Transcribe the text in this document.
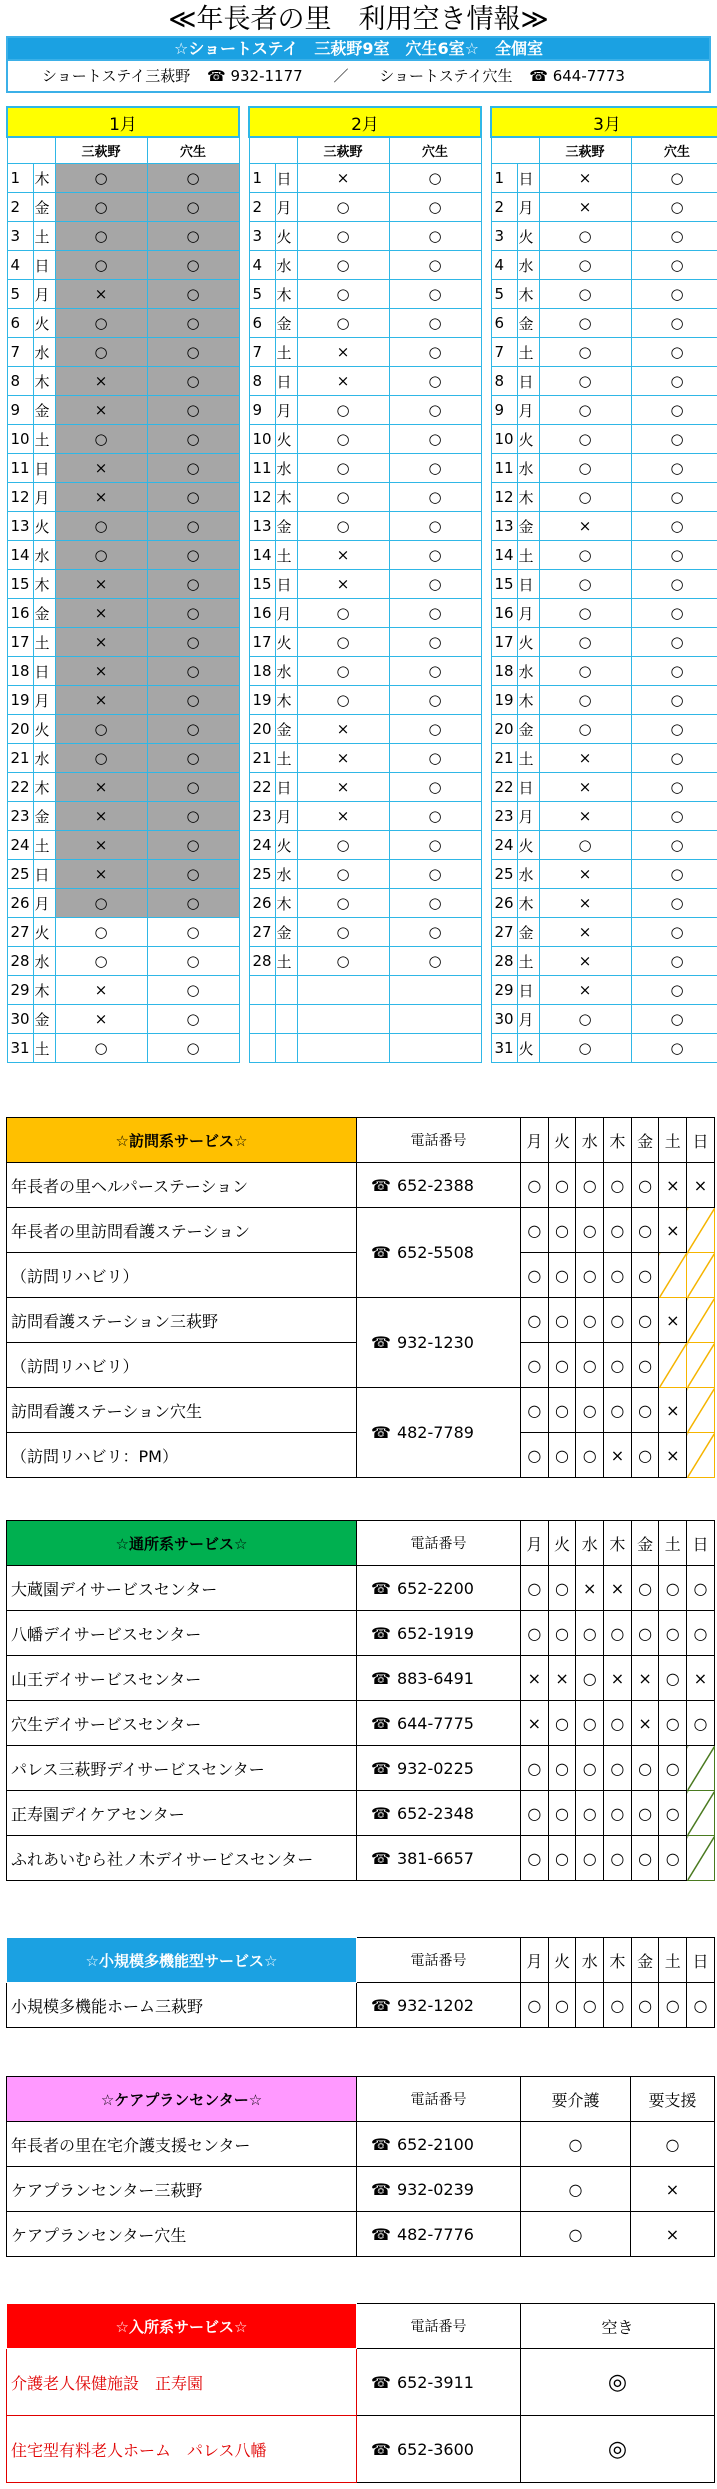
≪年長者の里　利用空き情報≫
☆ショートステイ　三萩野9室　穴生6室☆　全個室
ショートステイ三萩野 ☎ 932-1177 ／ ショートステイ穴生 ☎ 644-7773
1月			
		三萩野	穴生
1	木	○	○
2	金	○	○
3	土	○	○
4	日	○	○
5	月	×	○
6	火	○	○
7	水	○	○
8	木	×	○
9	金	×	○
10	土	○	○
11	日	×	○
12	月	×	○
13	火	○	○
14	水	○	○
15	木	×	○
16	金	×	○
17	土	×	○
18	日	×	○
19	月	×	○
20	火	○	○
21	水	○	○
22	木	×	○
23	金	×	○
24	土	×	○
25	日	×	○
26	月	○	○
27	火	○	○
28	水	○	○
29	木	×	○
30	金	×	○
31	土	○	○
2月			
		三萩野	穴生
1	日	×	○
2	月	○	○
3	火	○	○
4	水	○	○
5	木	○	○
6	金	○	○
7	土	×	○
8	日	×	○
9	月	○	○
10	火	○	○
11	水	○	○
12	木	○	○
13	金	○	○
14	土	×	○
15	日	×	○
16	月	○	○
17	火	○	○
18	水	○	○
19	木	○	○
20	金	×	○
21	土	×	○
22	日	×	○
23	月	×	○
24	火	○	○
25	水	○	○
26	木	○	○
27	金	○	○
28	土	○	○

3月			
		三萩野	穴生
1	日	×	○
2	月	×	○
3	火	○	○
4	水	○	○
5	木	○	○
6	金	○	○
7	土	○	○
8	日	○	○
9	月	○	○
10	火	○	○
11	水	○	○
12	木	○	○
13	金	×	○
14	土	○	○
15	日	○	○
16	月	○	○
17	火	○	○
18	水	○	○
19	木	○	○
20	金	○	○
21	土	×	○
22	日	×	○
23	月	×	○
24	火	○	○
25	水	×	○
26	木	×	○
27	金	×	○
28	土	×	○
29	日	×	○
30	月	○	○
31	火	○	○
☆訪問系サービス☆	電話番号	月	火	水	木	金	土	日
年長者の里ヘルパーステーション	☎ 652-2388	○	○	○	○	○	×	×
年長者の里訪問看護ステーション	☎ 652-5508	○	○	○	○	○	×	
（訪問リハビリ）		○	○	○	○	○		
訪問看護ステーション三萩野	☎ 932-1230	○	○	○	○	○	×	
（訪問リハビリ）		○	○	○	○	○		
訪問看護ステーション穴生	☎ 482-7789	○	○	○	○	○	×	
（訪問リハビリ：PM）		○	○	○	×	○	×	
☆通所系サービス☆	電話番号	月	火	水	木	金	土	日
大蔵園デイサービスセンター	☎ 652-2200	○	○	×	×	○	○	○
八幡デイサービスセンター	☎ 652-1919	○	○	○	○	○	○	○
山王デイサービスセンター	☎ 883-6491	×	×	○	×	×	○	×
穴生デイサービスセンター	☎ 644-7775	×	○	○	○	×	○	○
パレス三萩野デイサービスセンター	☎ 932-0225	○	○	○	○	○	○	
正寿園デイケアセンター	☎ 652-2348	○	○	○	○	○	○	
ふれあいむら社ノ木デイサービスセンター	☎ 381-6657	○	○	○	○	○	○	
☆小規模多機能型サービス☆	電話番号	月	火	水	木	金	土	日
小規模多機能ホーム三萩野	☎ 932-1202	○	○	○	○	○	○	○
☆ケアプランセンター☆	電話番号	要介護	要支援
年長者の里在宅介護支援センター	☎ 652-2100	○	○
ケアプランセンター三萩野	☎ 932-0239	○	×
ケアプランセンター穴生	☎ 482-7776	○	×
☆入所系サービス☆	電話番号	空き
介護老人保健施設　正寿園	☎ 652-3911	◎
住宅型有料老人ホーム　パレス八幡	☎ 652-3600	◎
